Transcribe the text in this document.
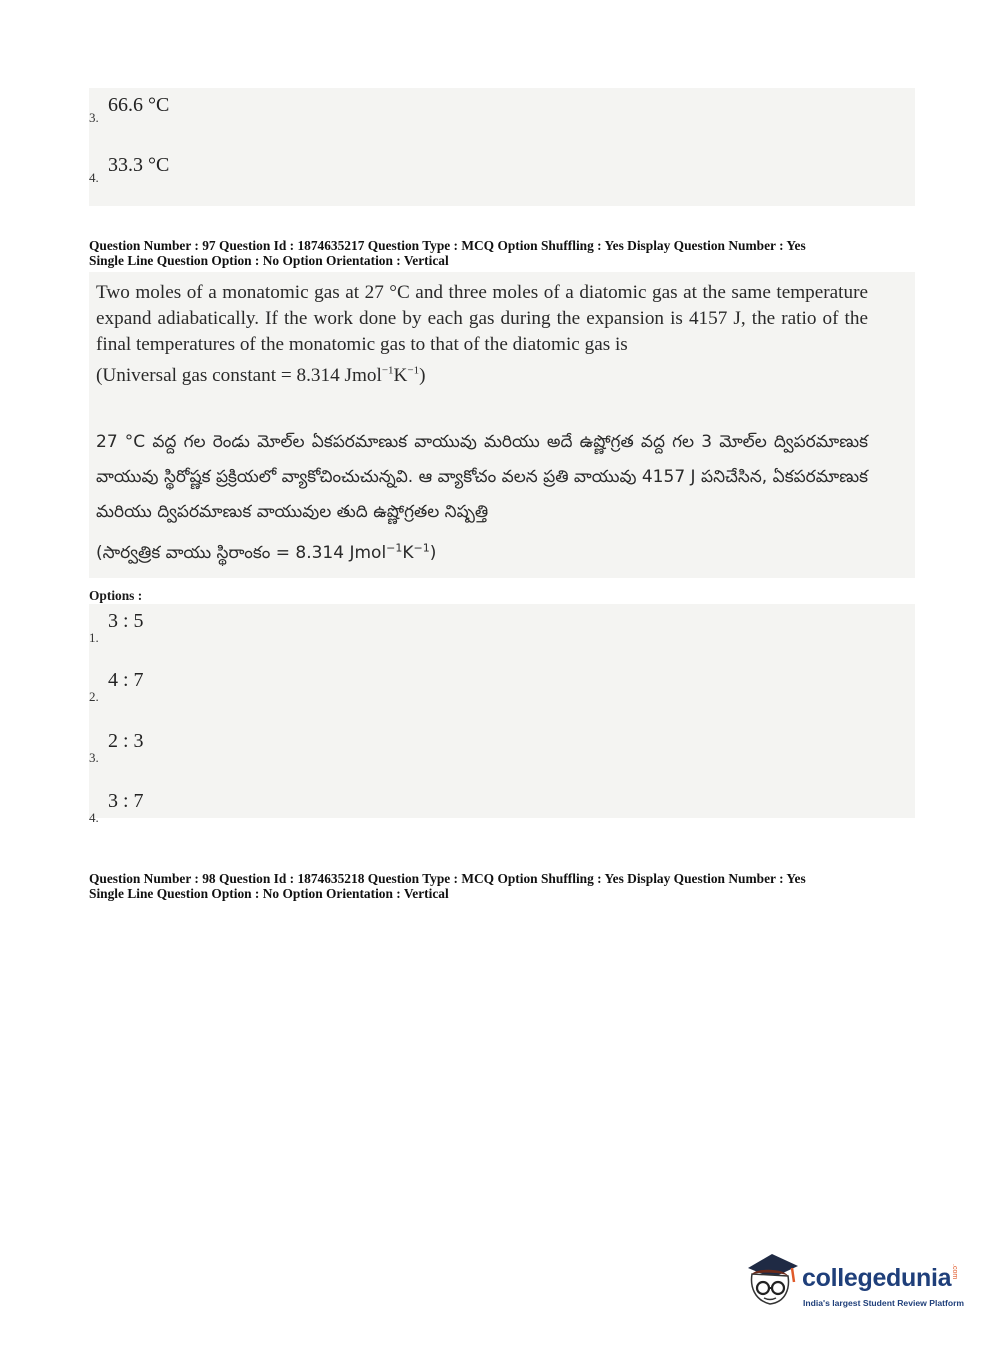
3.
66.6 °C
4.
33.3 °C
Question Number : 97 Question Id : 1874635217 Question Type : MCQ Option Shuffling : Yes Display Question Number : Yes
Single Line Question Option : No Option Orientation : Vertical
Two moles of a monatomic gas at 27 °C and three moles of a diatomic gas at the same temperature expand adiabatically. If the work done by each gas during the expansion is 4157 J, the ratio of the final temperatures of the monatomic gas to that of the diatomic gas is
(Universal gas constant = 8.314 $Jmol^{-1}K^{-1}$)
27 °C వద్ద గల రెండు మోల్‌ల ఏకపరమాణుక వాయువు మరియు అదే ఉష్ణోగ్రత వద్ద గల 3 మోల్‌ల ద్విపరమాణుక వాయువు స్థిరోష్ణక ప్రక్రియలో వ్యాకోచించుచున్నవి. ఆ వ్యాకోచం వలన ప్రతి వాయువు 4157 J పనిచేసిన, ఏకపరమాణుక మరియు ద్విపరమాణుక వాయువుల తుది ఉష్ణోగ్రతల నిష్పత్తి
(సార్వత్రిక వాయు స్థిరాంకం = 8.314 $Jmol^{-1}K^{-1}$)
Options :
1.
3 : 5
2.
4 : 7
3.
2 : 3
4.
3 : 7
Question Number : 98 Question Id : 1874635218 Question Type : MCQ Option Shuffling : Yes Display Question Number : Yes
Single Line Question Option : No Option Orientation : Vertical
collegedunia.com
India's largest Student Review Platform
